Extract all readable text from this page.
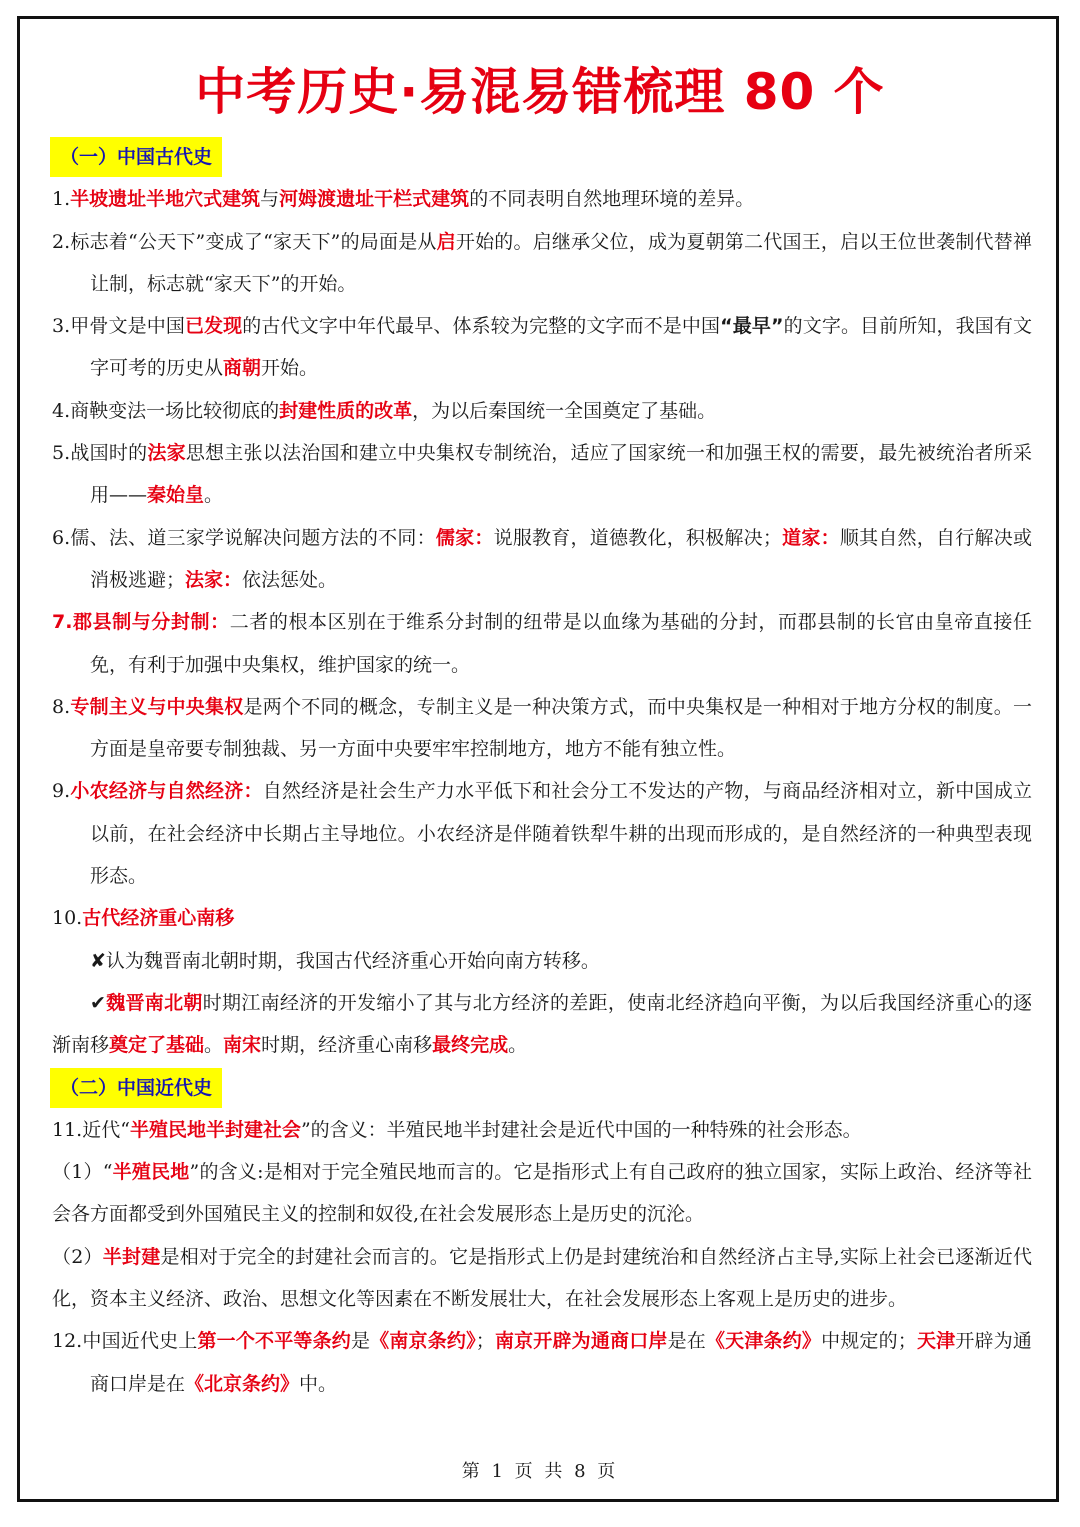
中考历史·易混易错梳理 80 个
（一）中国古代史
1.半坡遗址半地穴式建筑与河姆渡遗址干栏式建筑的不同表明自然地理环境的差异。
2.标志着“公天下”变成了“家天下”的局面是从启开始的。启继承父位，成为夏朝第二代国王，启以王位世袭制代替禅让制，标志就“家天下”的开始。
3.甲骨文是中国已发现的古代文字中年代最早、体系较为完整的文字而不是中国“最早”的文字。目前所知，我国有文字可考的历史从商朝开始。
4.商鞅变法一场比较彻底的封建性质的改革，为以后秦国统一全国奠定了基础。
5.战国时的法家思想主张以法治国和建立中央集权专制统治，适应了国家统一和加强王权的需要，最先被统治者所采用——秦始皇。
6.儒、法、道三家学说解决问题方法的不同：儒家：说服教育，道德教化，积极解决；道家：顺其自然，自行解决或消极逃避；法家：依法惩处。
7.郡县制与分封制：二者的根本区别在于维系分封制的纽带是以血缘为基础的分封，而郡县制的长官由皇帝直接任免，有利于加强中央集权，维护国家的统一。
8.专制主义与中央集权是两个不同的概念，专制主义是一种决策方式，而中央集权是一种相对于地方分权的制度。一方面是皇帝要专制独裁、另一方面中央要牢牢控制地方，地方不能有独立性。
9.小农经济与自然经济：自然经济是社会生产力水平低下和社会分工不发达的产物，与商品经济相对立，新中国成立以前，在社会经济中长期占主导地位。小农经济是伴随着铁犁牛耕的出现而形成的，是自然经济的一种典型表现形态。
10.古代经济重心南移
✘认为魏晋南北朝时期，我国古代经济重心开始向南方转移。
✔魏晋南北朝时期江南经济的开发缩小了其与北方经济的差距，使南北经济趋向平衡，为以后我国经济重心的逐渐南移奠定了基础。南宋时期，经济重心南移最终完成。
（二）中国近代史
11.近代“半殖民地半封建社会”的含义：半殖民地半封建社会是近代中国的一种特殊的社会形态。
（1）“半殖民地”的含义:是相对于完全殖民地而言的。它是指形式上有自己政府的独立国家，实际上政治、经济等社会各方面都受到外国殖民主义的控制和奴役,在社会发展形态上是历史的沉沦。
（2）半封建是相对于完全的封建社会而言的。它是指形式上仍是封建统治和自然经济占主导,实际上社会已逐渐近代化，资本主义经济、政治、思想文化等因素在不断发展壮大，在社会发展形态上客观上是历史的进步。
12.中国近代史上第一个不平等条约是《南京条约》；南京开辟为通商口岸是在《天津条约》中规定的；天津开辟为通商口岸是在《北京条约》中。
第 1 页 共 8 页
